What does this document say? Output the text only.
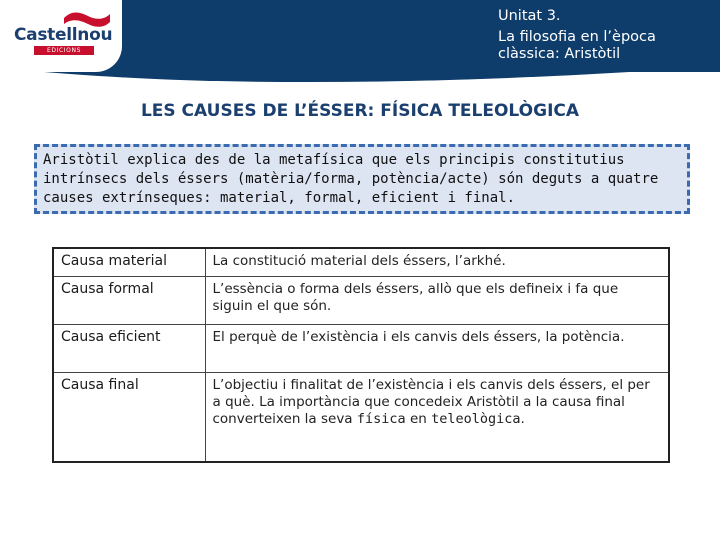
Castellnou
EDICIONS
Unitat 3.
La filosofia en l’època clàssica: Aristòtil
LES CAUSES DE L’ÉSSER: FÍSICA TELEOLÒGICA
Aristòtil explica des de la metafísica que els principis constitutius intrínsecs dels éssers (matèria/forma, potència/acte) són deguts a quatre causes extrínseques: material, formal, eficient i final.
Causa material	La constitució material dels éssers, l’arkhé.
Causa formal	L’essència o forma dels éssers, allò que els defineix i fa que siguin el que són.
Causa eficient	El perquè de l’existència i els canvis dels éssers, la potència.
Causa final	L’objectiu i finalitat de l’existència i els canvis dels éssers, el per a què. La importància que concedeix Aristòtil a la causa final converteixen la seva física en teleològica.
